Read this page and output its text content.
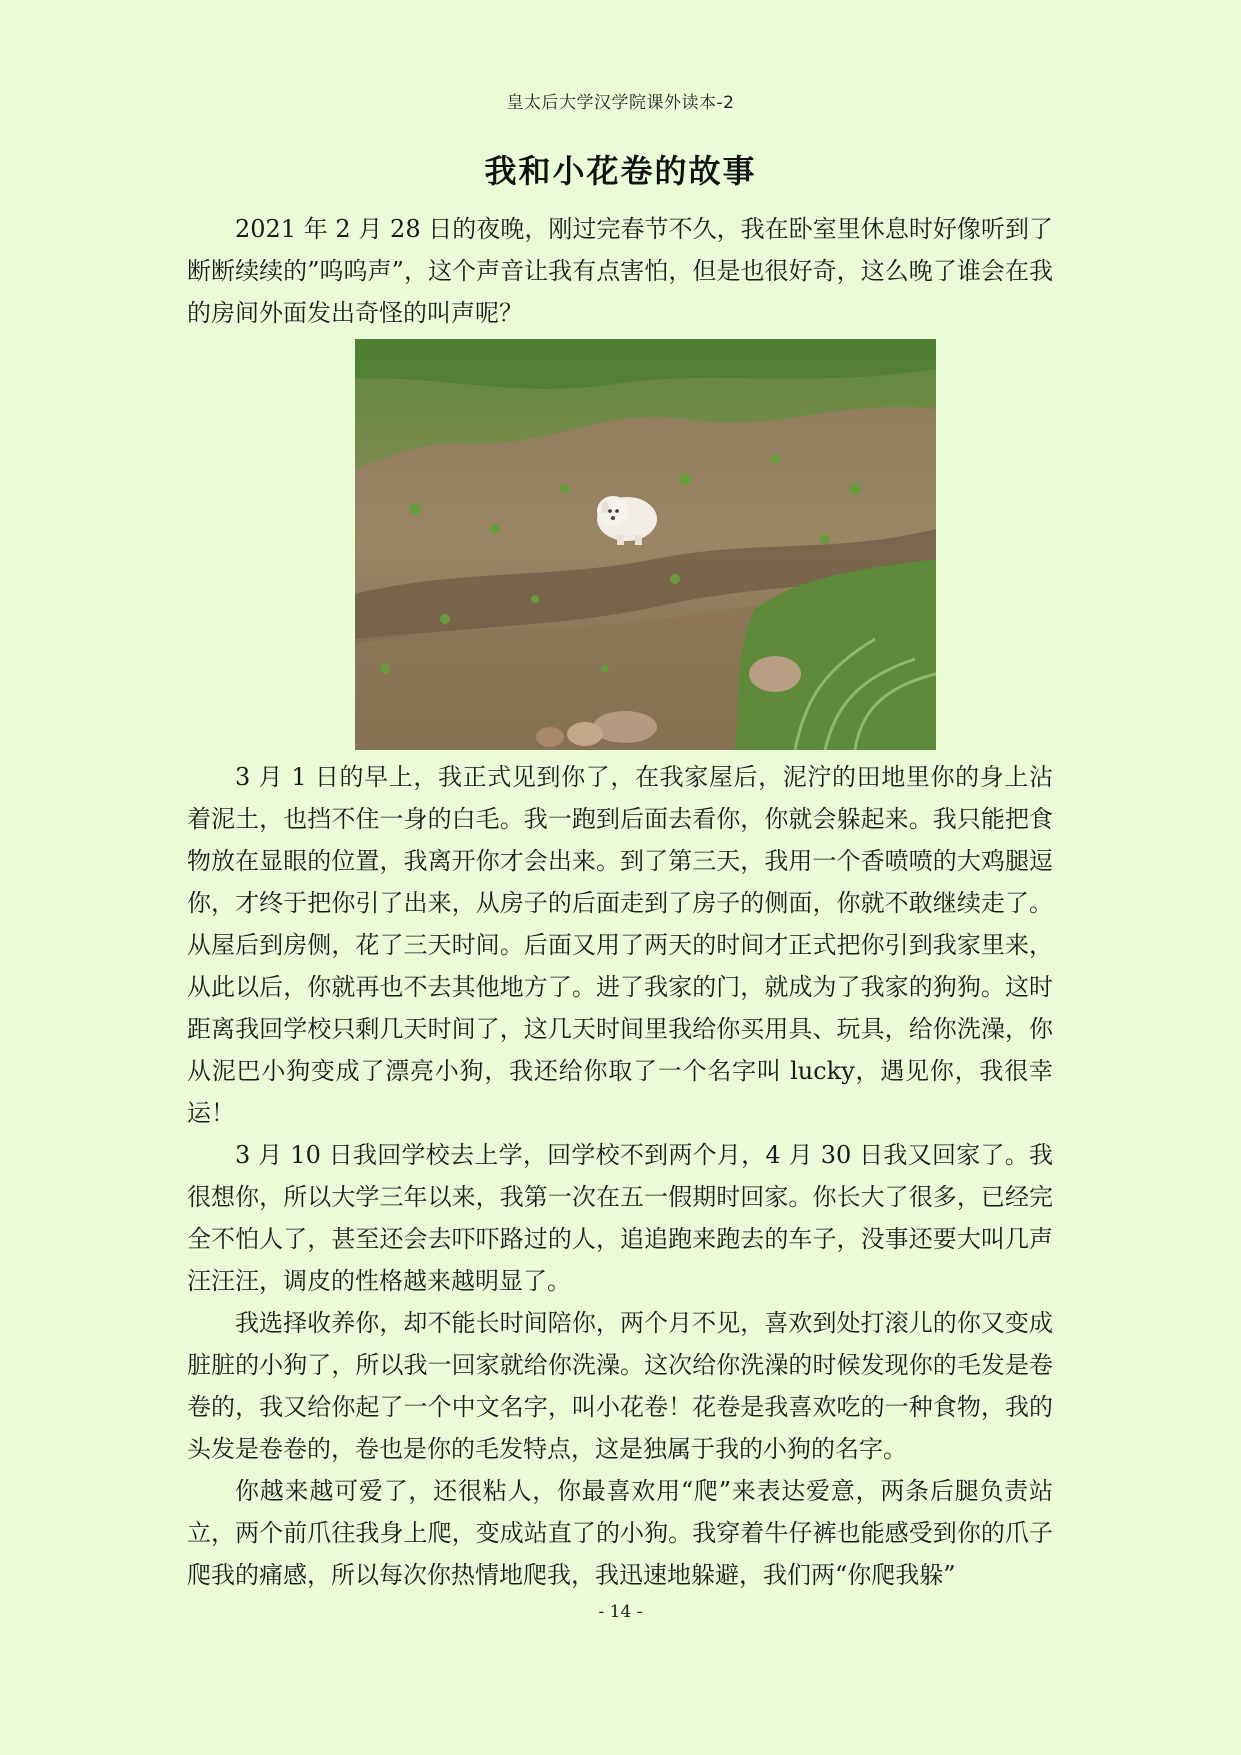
皇太后大学汉学院课外读本-2
我和小花卷的故事

2021 年 2 月 28 日的夜晚，刚过完春节不久，我在卧室里休息时好像听到了断断续续的”呜呜声”，这个声音让我有点害怕，但是也很好奇，这么晚了谁会在我的房间外面发出奇怪的叫声呢？

3 月 1 日的早上，我正式见到你了，在我家屋后，泥泞的田地里你的身上沾着泥土，也挡不住一身的白毛。我一跑到后面去看你，你就会躲起来。我只能把食物放在显眼的位置，我离开你才会出来。到了第三天，我用一个香喷喷的大鸡腿逗你，才终于把你引了出来，从房子的后面走到了房子的侧面，你就不敢继续走了。从屋后到房侧，花了三天时间。后面又用了两天的时间才正式把你引到我家里来，从此以后，你就再也不去其他地方了。进了我家的门，就成为了我家的狗狗。这时距离我回学校只剩几天时间了，这几天时间里我给你买用具、玩具，给你洗澡，你从泥巴小狗变成了漂亮小狗，我还给你取了一个名字叫 lucky，遇见你，我很幸运！

3 月 10 日我回学校去上学，回学校不到两个月，4 月 30 日我又回家了。我很想你，所以大学三年以来，我第一次在五一假期时回家。你长大了很多，已经完全不怕人了，甚至还会去吓吓路过的人，追追跑来跑去的车子，没事还要大叫几声汪汪汪，调皮的性格越来越明显了。

我选择收养你，却不能长时间陪你，两个月不见，喜欢到处打滚儿的你又变成脏脏的小狗了，所以我一回家就给你洗澡。这次给你洗澡的时候发现你的毛发是卷卷的，我又给你起了一个中文名字，叫小花卷！花卷是我喜欢吃的一种食物，我的头发是卷卷的，卷也是你的毛发特点，这是独属于我的小狗的名字。

你越来越可爱了，还很粘人，你最喜欢用“爬”来表达爱意，两条后腿负责站立，两个前爪往我身上爬，变成站直了的小狗。我穿着牛仔裤也能感受到你的爪子爬我的痛感，所以每次你热情地爬我，我迅速地躲避，我们两“你爬我躲”

- 14 -
